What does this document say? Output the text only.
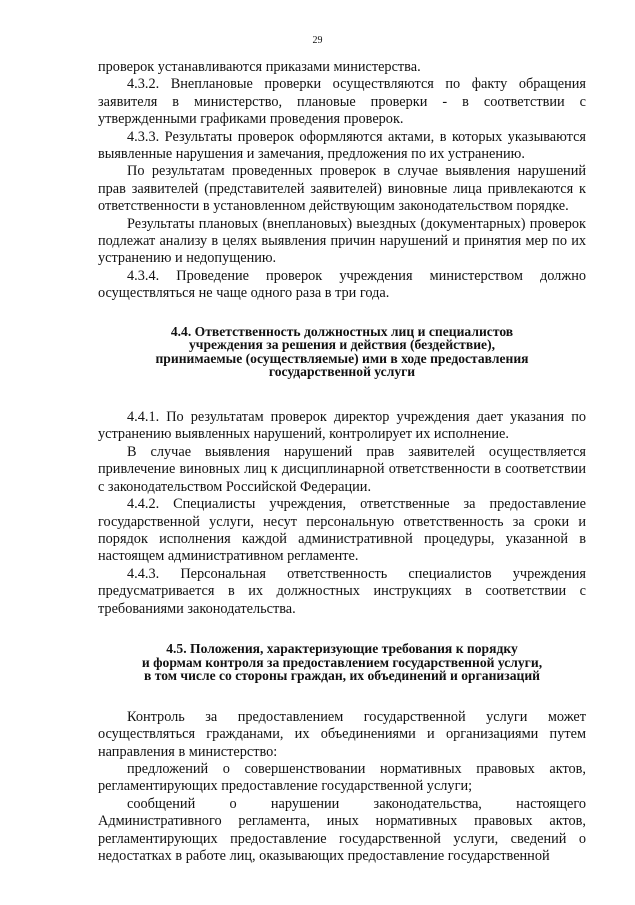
29

проверок устанавливаются приказами министерства.

4.3.2. Внеплановые проверки осуществляются по факту обращения заявителя в министерство, плановые проверки - в соответствии с утвержденными графиками проведения проверок.

4.3.3. Результаты проверок оформляются актами, в которых указываются выявленные нарушения и замечания, предложения по их устранению.

По результатам проведенных проверок в случае выявления нарушений прав заявителей (представителей заявителей) виновные лица привлекаются к ответственности в установленном действующим законодательством порядке.

Результаты плановых (внеплановых) выездных (документарных) проверок подлежат анализу в целях выявления причин нарушений и принятия мер по их устранению и недопущению.

4.3.4. Проведение проверок учреждения министерством должно осуществляться не чаще одного раза в три года.

4.4. Ответственность должностных лиц и специалистов
учреждения за решения и действия (бездействие),
принимаемые (осуществляемые) ими в ходе предоставления
государственной услуги

4.4.1. По результатам проверок директор учреждения дает указания по устранению выявленных нарушений, контролирует их исполнение.

В случае выявления нарушений прав заявителей осуществляется привлечение виновных лиц к дисциплинарной ответственности в соответствии с законодательством Российской Федерации.

4.4.2. Специалисты учреждения, ответственные за предоставление государственной услуги, несут персональную ответственность за сроки и порядок исполнения каждой административной процедуры, указанной в настоящем административном регламенте.

4.4.3. Персональная ответственность специалистов учреждения предусматривается в их должностных инструкциях в соответствии с требованиями законодательства.

4.5. Положения, характеризующие требования к порядку
и формам контроля за предоставлением государственной услуги,
в том числе со стороны граждан, их объединений и организаций

Контроль за предоставлением государственной услуги может осуществляться гражданами, их объединениями и организациями путем направления в министерство:

предложений о совершенствовании нормативных правовых актов, регламентирующих предоставление государственной услуги;

сообщений о нарушении законодательства, настоящего Административного регламента, иных нормативных правовых актов, регламентирующих предоставление государственной услуги, сведений о недостатках в работе лиц, оказывающих предоставление государственной
